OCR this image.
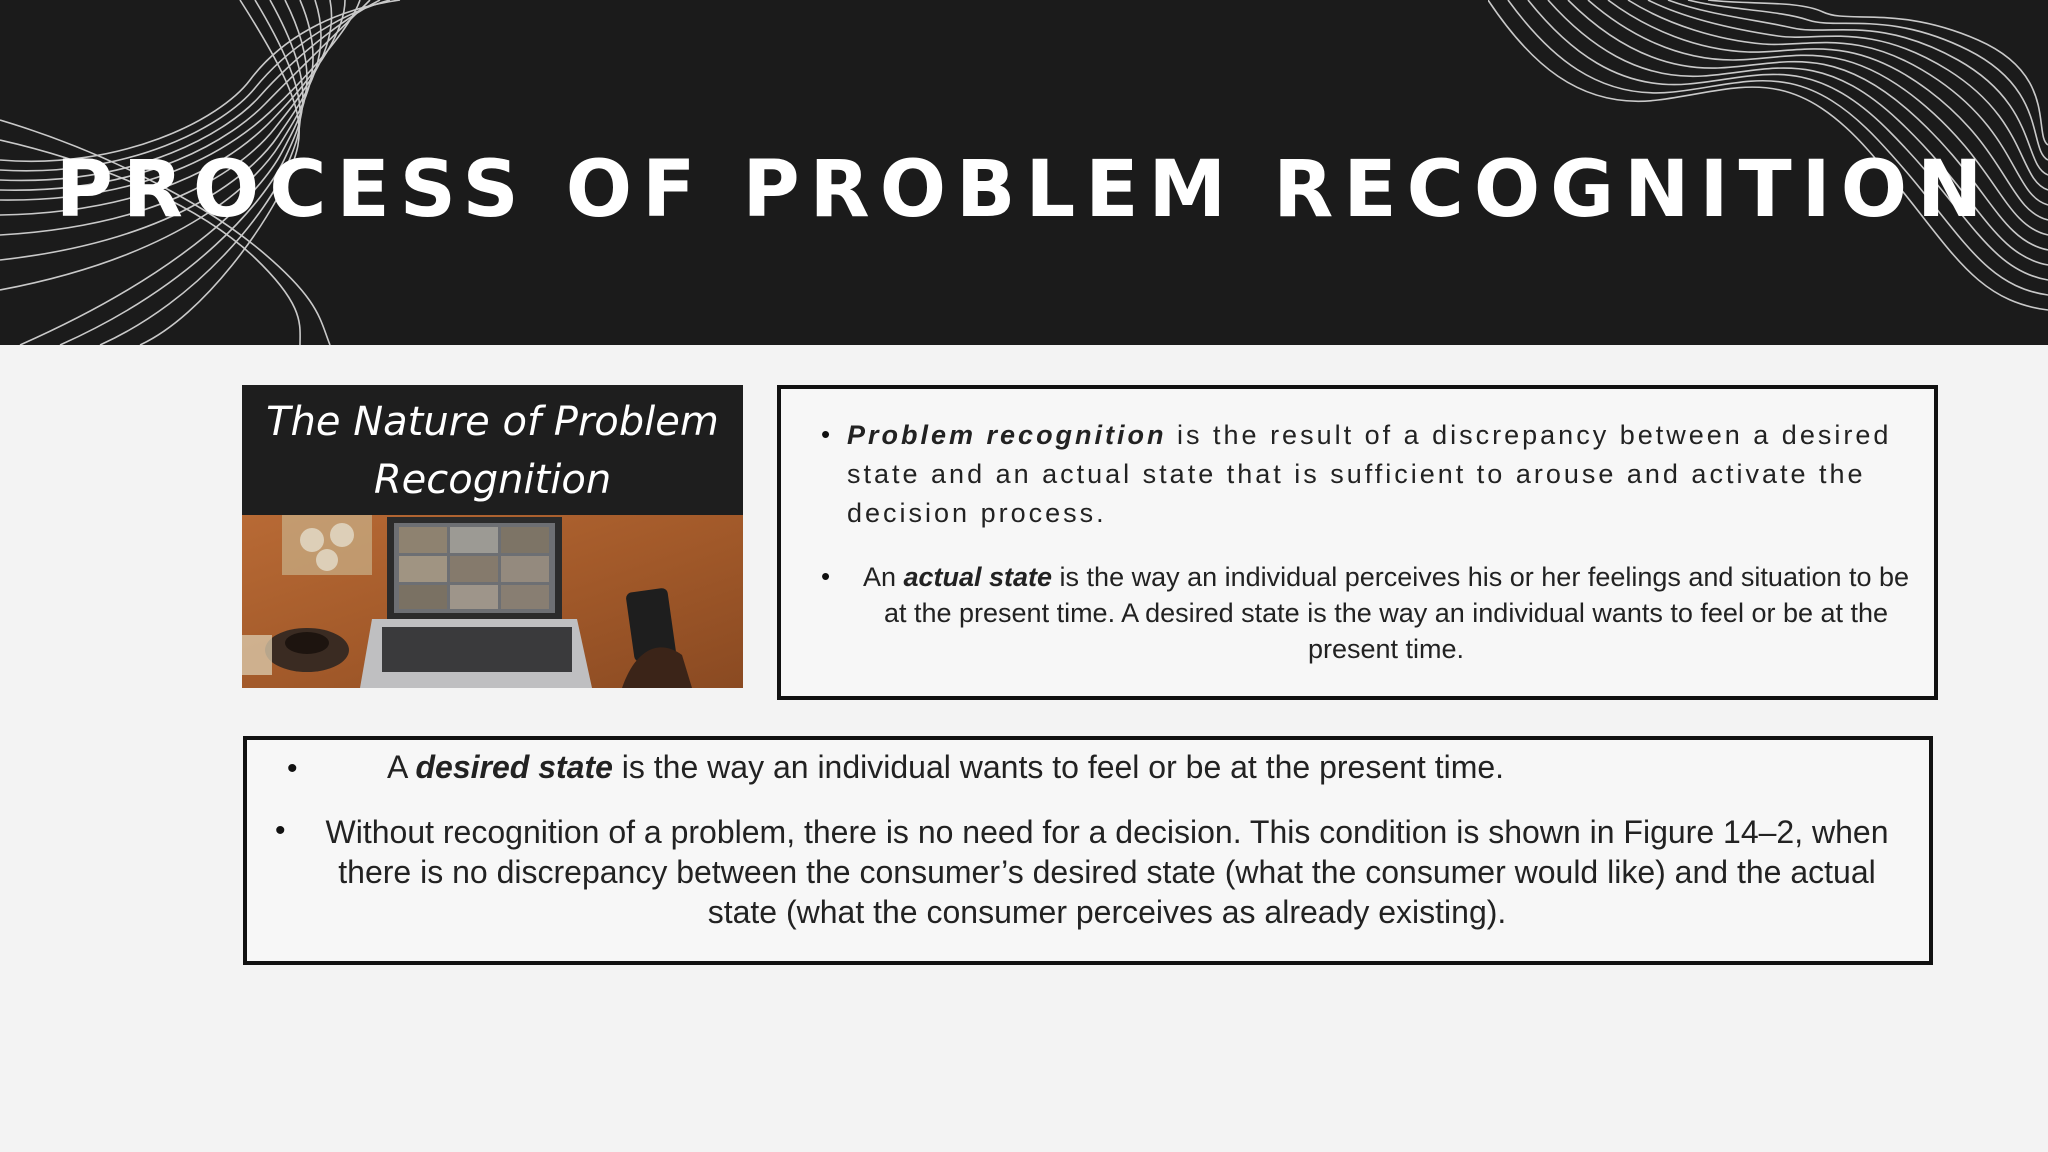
PROCESS OF PROBLEM RECOGNITION
The Nature of Problem Recognition
• Problem recognition is the result of a discrepancy between a desired state and an actual state that is sufficient to arouse and activate the decision process.
• An actual state is the way an individual perceives his or her feelings and situation to be at the present time. A desired state is the way an individual wants to feel or be at the present time.
•	A desired state is the way an individual wants to feel or be at the present time.
•	Without recognition of a problem, there is no need for a decision. This condition is shown in Figure 14–2, when there is no discrepancy between the consumer’s desired state (what the consumer would like) and the actual state (what the consumer perceives as already existing).
